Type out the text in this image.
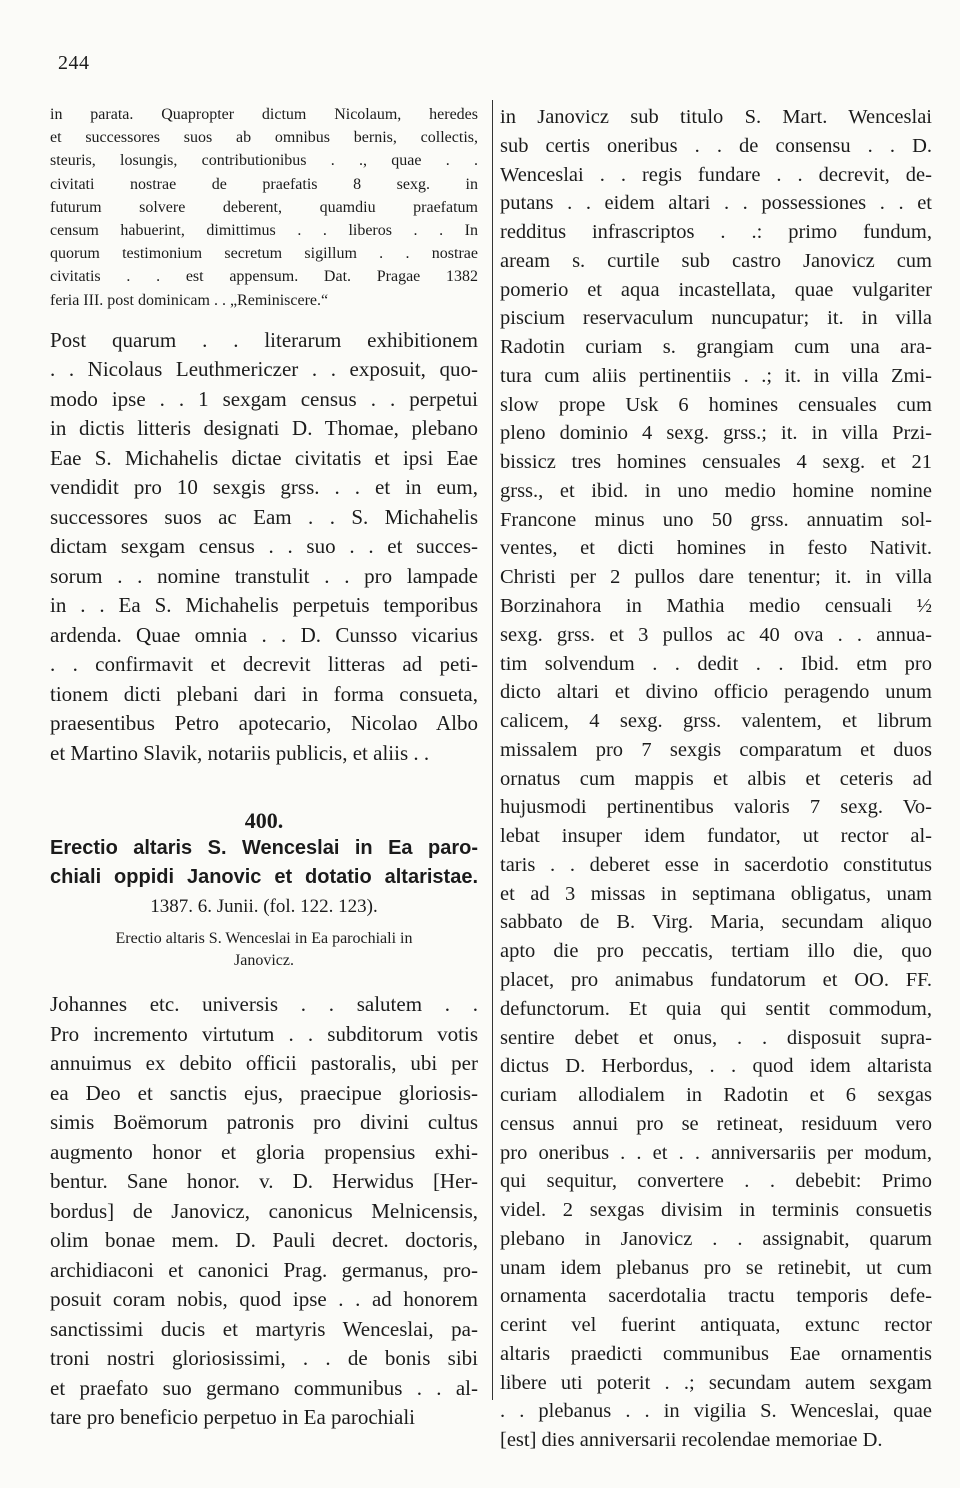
244
in parata. Quapropter dictum Nicolaum, heredes
et successores suos ab omnibus bernis, collectis,
steuris, losungis, contributionibus . ., quae . .
civitati nostrae de praefatis 8 sexg. in
futurum solvere deberent, quamdiu praefatum
censum habuerint, dimittimus . . liberos . . In
quorum testimonium secretum sigillum . . nostrae
civitatis . . est appensum. Dat. Pragae 1382
feria III. post dominicam . . „Reminiscere.“
Post quarum . . literarum exhibitionem
. . Nicolaus Leuthmericzer . . exposuit, quo-
modo ipse . . 1 sexgam census . . perpetui
in dictis litteris designati D. Thomae, plebano
Eae S. Michahelis dictae civitatis et ipsi Eae
vendidit pro 10 sexgis grss. . . et in eum,
successores suos ac Eam . . S. Michahelis
dictam sexgam census . . suo . . et succes-
sorum . . nomine transtulit . . pro lampade
in . . Ea S. Michahelis perpetuis temporibus
ardenda. Quae omnia . . D. Cunsso vicarius
. . confirmavit et decrevit litteras ad peti-
tionem dicti plebani dari in forma consueta,
praesentibus Petro apotecario, Nicolao Albo
et Martino Slavik, notariis publicis, et aliis . .
400.
Erectio altaris S. Wenceslai in Ea paro-
chiali oppidi Janovic et dotatio altaristae.
1387. 6. Junii. (fol. 122. 123).
Erectio altaris S. Wenceslai in Ea parochiali in
Janovicz.
Johannes etc. universis . . salutem . .
Pro incremento virtutum . . subditorum votis
annuimus ex debito officii pastoralis, ubi per
ea Deo et sanctis ejus, praecipue gloriosis-
simis Boëmorum patronis pro divini cultus
augmento honor et gloria propensius exhi-
bentur. Sane honor. v. D. Herwidus [Her-
bordus] de Janovicz, canonicus Melnicensis,
olim bonae mem. D. Pauli decret. doctoris,
archidiaconi et canonici Prag. germanus, pro-
posuit coram nobis, quod ipse . . ad honorem
sanctissimi ducis et martyris Wenceslai, pa-
troni nostri gloriosissimi, . . de bonis sibi
et praefato suo germano communibus . . al-
tare pro beneficio perpetuo in Ea parochiali
in Janovicz sub titulo S. Mart. Wenceslai
sub certis oneribus . . de consensu . . D.
Wenceslai . . regis fundare . . decrevit, de-
putans . . eidem altari . . possessiones . . et
redditus infrascriptos . .: primo fundum,
aream s. curtile sub castro Janovicz cum
pomerio et aqua incastellata, quae vulgariter
piscium reservaculum nuncupatur; it. in villa
Radotin curiam s. grangiam cum una ara-
tura cum aliis pertinentiis . .; it. in villa Zmi-
slow prope Usk 6 homines censuales cum
pleno dominio 4 sexg. grss.; it. in villa Przi-
bissicz tres homines censuales 4 sexg. et 21
grss., et ibid. in uno medio homine nomine
Francone minus uno 50 grss. annuatim sol-
ventes, et dicti homines in festo Nativit.
Christi per 2 pullos dare tenentur; it. in villa
Borzinahora in Mathia medio censuali ½
sexg. grss. et 3 pullos ac 40 ova . . annua-
tim solvendum . . dedit . . Ibid. etm pro
dicto altari et divino officio peragendo unum
calicem, 4 sexg. grss. valentem, et librum
missalem pro 7 sexgis comparatum et duos
ornatus cum mappis et albis et ceteris ad
hujusmodi pertinentibus valoris 7 sexg. Vo-
lebat insuper idem fundator, ut rector al-
taris . . deberet esse in sacerdotio constitutus
et ad 3 missas in septimana obligatus, unam
sabbato de B. Virg. Maria, secundam aliquo
apto die pro peccatis, tertiam illo die, quo
placet, pro animabus fundatorum et OO. FF.
defunctorum. Et quia qui sentit commodum,
sentire debet et onus, . . disposuit supra-
dictus D. Herbordus, . . quod idem altarista
curiam allodialem in Radotin et 6 sexgas
census annui pro se retineat, residuum vero
pro oneribus . . et . . anniversariis per modum,
qui sequitur, convertere . . debebit: Primo
videl. 2 sexgas divisim in terminis consuetis
plebano in Janovicz . . assignabit, quarum
unam idem plebanus pro se retinebit, ut cum
ornamenta sacerdotalia tractu temporis defe-
cerint vel fuerint antiquata, extunc rector
altaris praedicti communibus Eae ornamentis
libere uti poterit . .; secundam autem sexgam
. . plebanus . . in vigilia S. Wenceslai, quae
[est] dies anniversarii recolendae memoriae D.
